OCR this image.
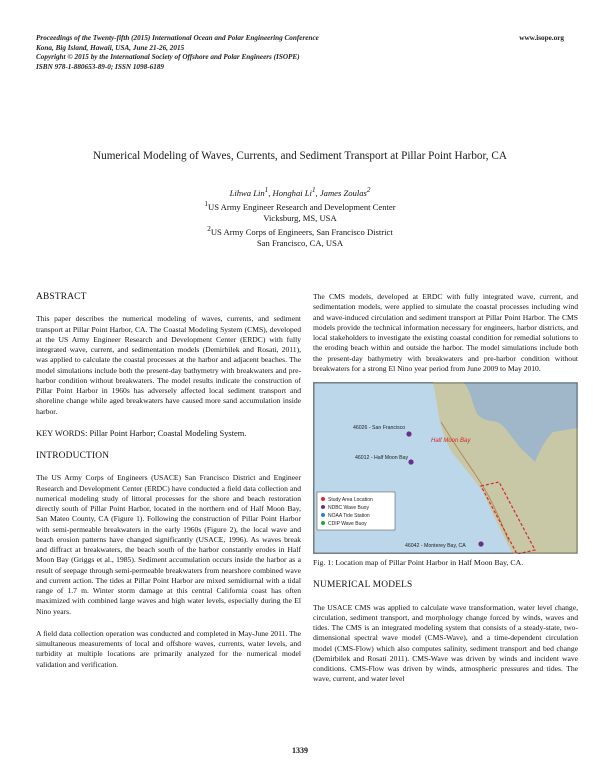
Proceedings of the Twenty-fifth (2015) International Ocean and Polar Engineering Conference
Kona, Big Island, Hawaii, USA, June 21-26, 2015
Copyright © 2015 by the International Society of Offshore and Polar Engineers (ISOPE)
ISBN 978-1-880653-89-0; ISSN 1098-6189
www.isope.org
Numerical Modeling of Waves, Currents, and Sediment Transport at Pillar Point Harbor, CA
Lihwa Lin$^1$, Honghai Li$^1$, James Zoulas$^2$
$^1$US Army Engineer Research and Development Center
Vicksburg, MS, USA
$^2$US Army Corps of Engineers, San Francisco District
San Francisco, CA, USA
ABSTRACT

This paper describes the numerical modeling of waves, currents, and sediment transport at Pillar Point Harbor, CA. The Coastal Modeling System (CMS), developed at the US Army Engineer Research and Development Center (ERDC) with fully integrated wave, current, and sedimentation models (Demirbilek and Rosati, 2011), was applied to calculate the coastal processes at the harbor and adjacent beaches. The model simulations include both the present-day bathymetry with breakwaters and pre-harbor condition without breakwaters. The model results indicate the construction of Pillar Point Harbor in 1960s has adversely affected local sediment transport and shoreline change while aged breakwaters have caused more sand accumulation inside harbor.

KEY WORDS: Pillar Point Harbor; Coastal Modeling System.

INTRODUCTION

The US Army Corps of Engineers (USACE) San Francisco District and Engineer Research and Development Center (ERDC) have conducted a field data collection and numerical modeling study of littoral processes for the shore and beach restoration directly south of Pillar Point Harbor, located in the northern end of Half Moon Bay, San Mateo County, CA (Figure 1). Following the construction of Pillar Point Harbor with semi-permeable breakwaters in the early 1960s (Figure 2), the local wave and beach erosion patterns have changed significantly (USACE, 1996). As waves break and diffract at breakwaters, the beach south of the harbor constantly erodes in Half Moon Bay (Griggs et al., 1985). Sediment accumulation occurs inside the harbor as a result of seepage through semi-permeable breakwaters from nearshore combined wave and current action. The tides at Pillar Point Harbor are mixed semidiurnal with a tidal range of 1.7 m. Winter storm damage at this central California coast has often maximized with combined large waves and high water levels, especially during the El Nino years.

A field data collection operation was conducted and completed in May-June 2011. The simultaneous measurements of local and offshore waves, currents, water levels, and turbidity at multiple locations are primarily analyzed for the numerical model validation and verification.

The CMS models, developed at ERDC with fully integrated wave, current, and sedimentation models, were applied to simulate the coastal processes including wind and wave-induced circulation and sediment transport at Pillar Point Harbor. The CMS models provide the technical information necessary for engineers, harbor districts, and local stakeholders to investigate the existing coastal condition for remedial solutions to the eroding beach within and outside the harbor. The model simulations include both the present-day bathymetry with breakwaters and pre-harbor condition without breakwaters for a strong El Nino year period from June 2009 to May 2010.

Study Area Location
NDBC Wave Buoy
NOAA Tide Station
CDIP Wave Buoy
46026 - San Francisco
46012 - Half Moon Bay
Half Moon Bay
46042 - Monterey Bay, CA
Fig. 1: Location map of Pillar Point Harbor in Half Moon Bay, CA.
NUMERICAL MODELS

The USACE CMS was applied to calculate wave transformation, water level change, circulation, sediment transport, and morphology change forced by winds, waves and tides. The CMS is an integrated modeling system that consists of a steady-state, two-dimensional spectral wave model (CMS-Wave), and a time-dependent circulation model (CMS-Flow) which also computes salinity, sediment transport and bed change (Demirbilek and Rosati 2011). CMS-Wave was driven by winds and incident wave conditions. CMS-Flow was driven by winds, atmospheric pressures and tides. The wave, current, and water level

1339
